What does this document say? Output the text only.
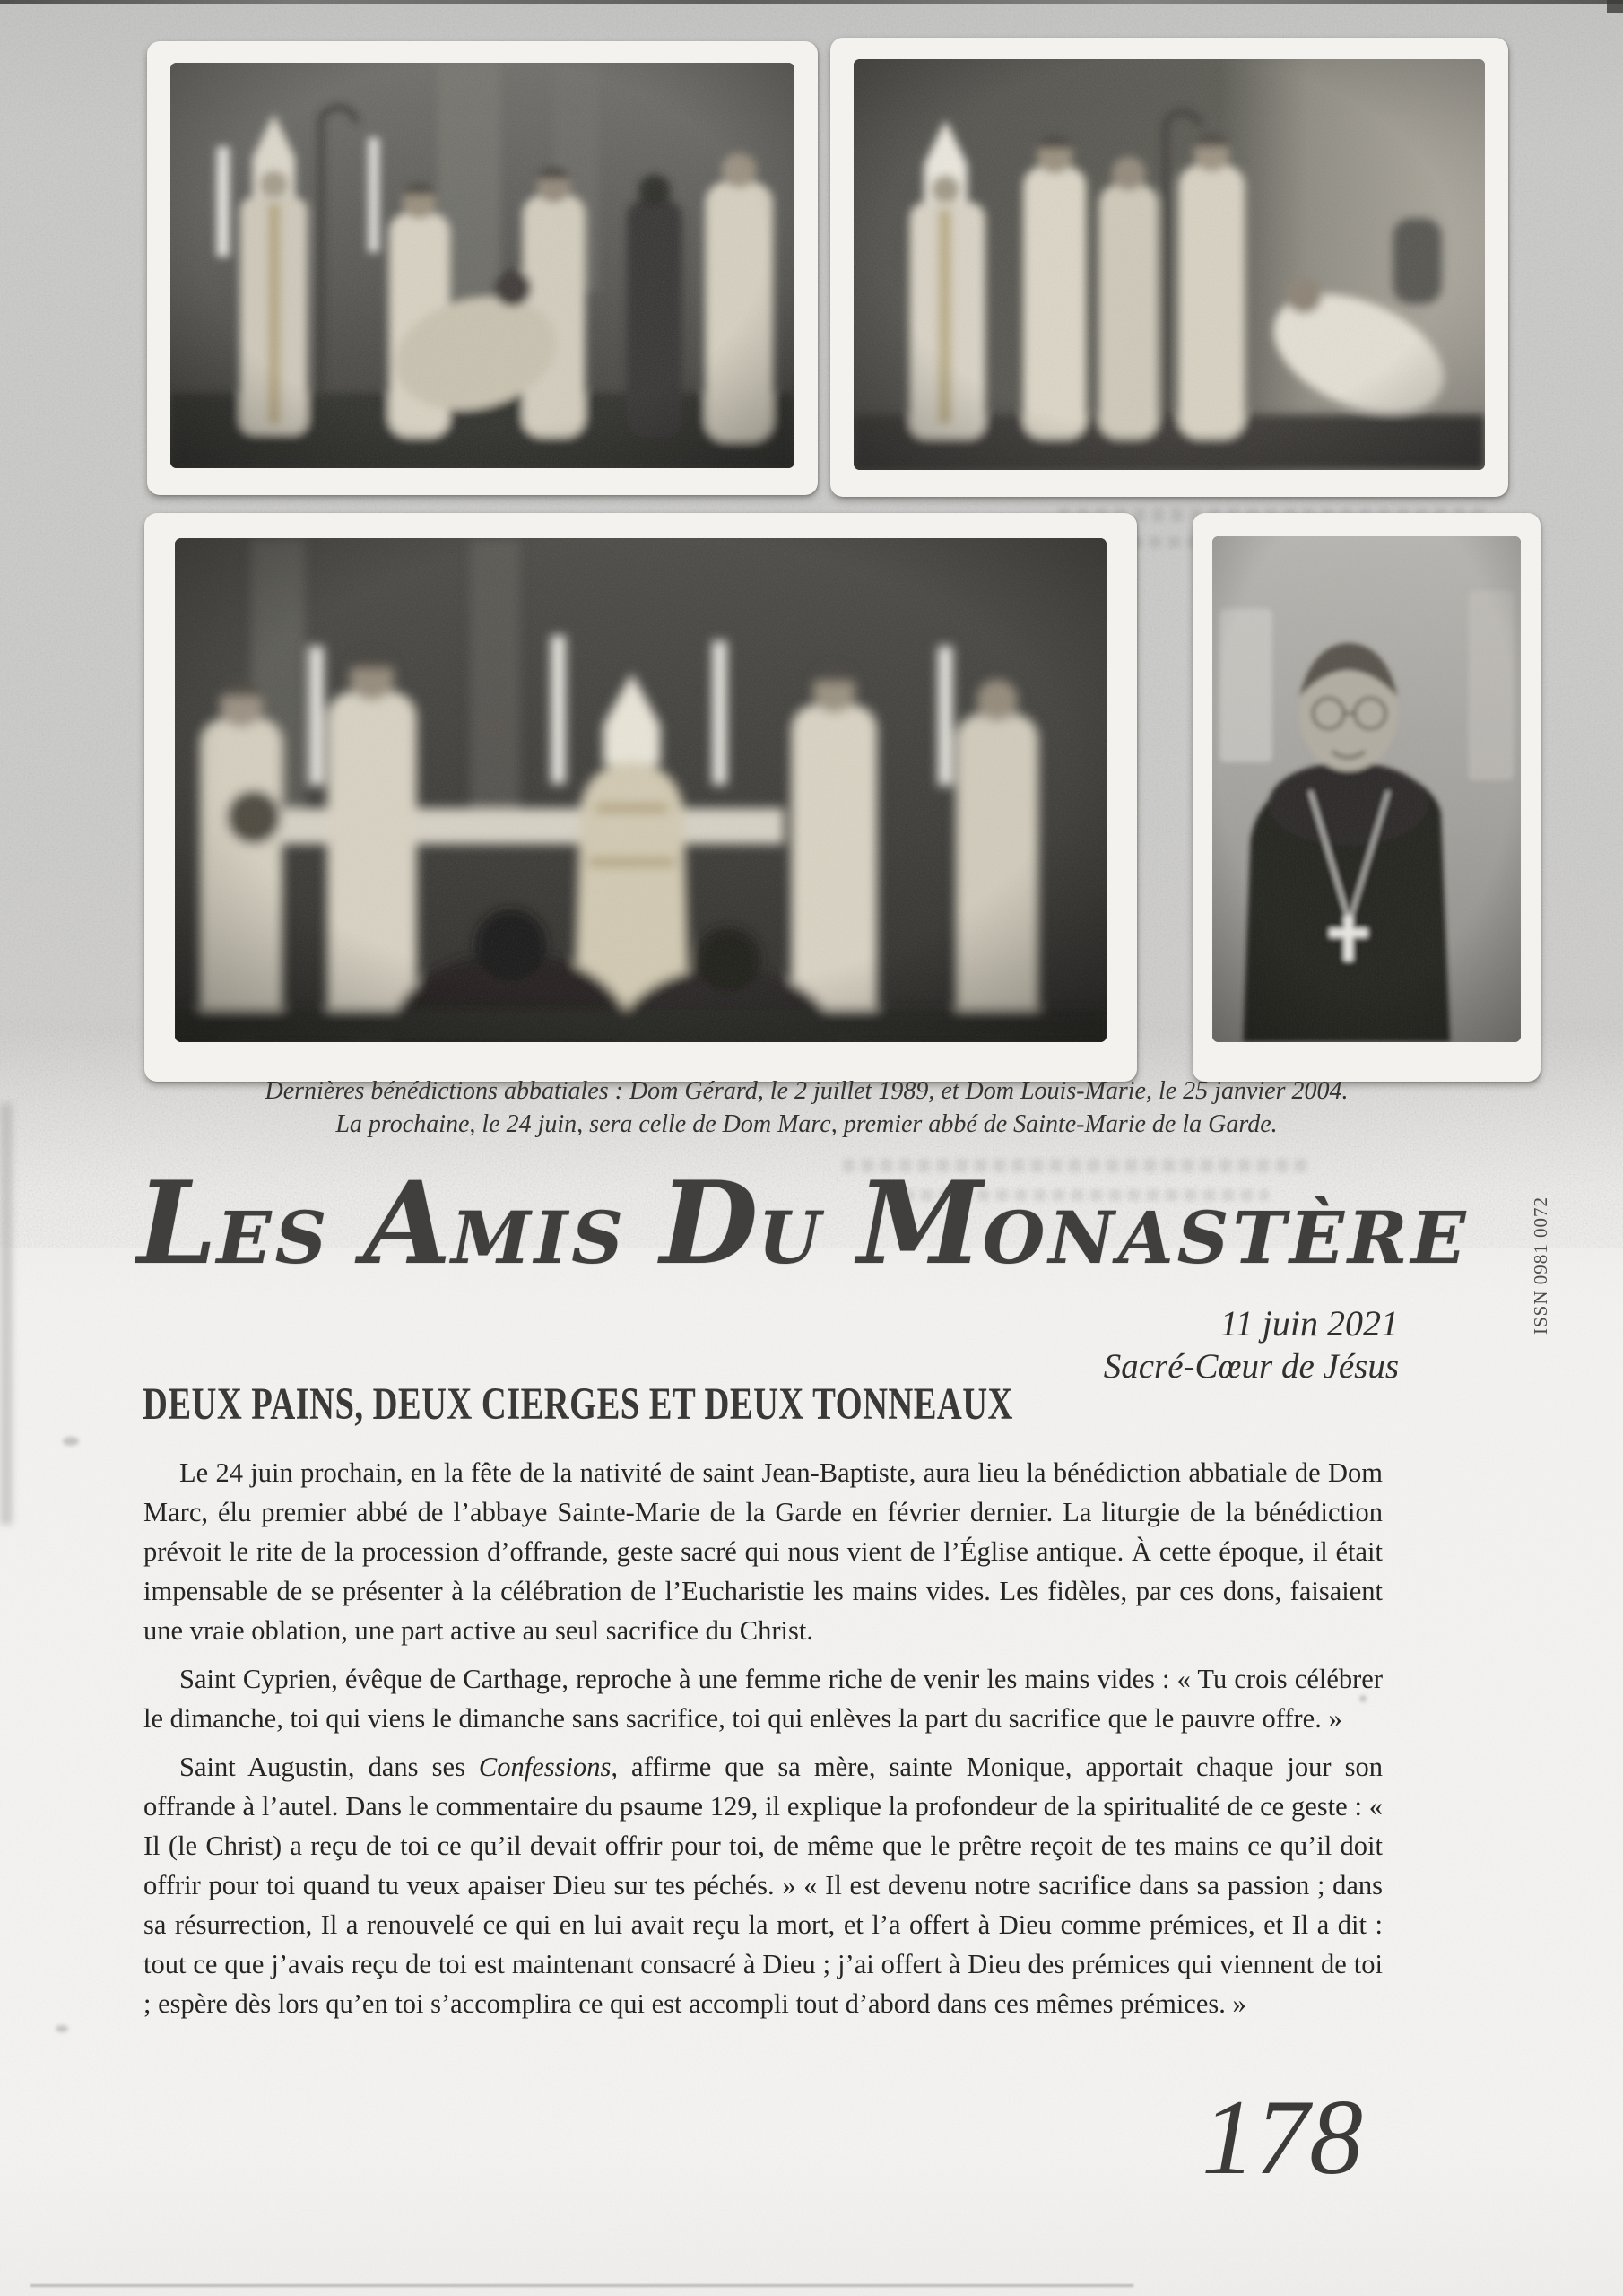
Dernières bénédictions abbatiales : Dom Gérard, le 2 juillet 1989, et Dom Louis-Marie, le 25 janvier 2004.
La prochaine, le 24 juin, sera celle de Dom Marc, premier abbé de Sainte-Marie de la Garde.
LES AMIS DU MONASTÈRE	ISSN 0981 0072
11 juin 2021
Sacré-Cœur de Jésus
DEUX PAINS, DEUX CIERGES ET DEUX TONNEAUX

Le 24 juin prochain, en la fête de la nativité de saint Jean-Baptiste, aura lieu la bénédiction abbatiale de Dom Marc, élu premier abbé de l’abbaye Sainte-Marie de la Garde en février dernier. La liturgie de la bénédiction prévoit le rite de la procession d’offrande, geste sacré qui nous vient de l’Église antique. À cette époque, il était impensable de se présenter à la célébration de l’Eucharistie les mains vides. Les fidèles, par ces dons, faisaient une vraie oblation, une part active au seul sacrifice du Christ.

Saint Cyprien, évêque de Carthage, reproche à une femme riche de venir les mains vides : « Tu crois célébrer le dimanche, toi qui viens le dimanche sans sacrifice, toi qui enlèves la part du sacrifice que le pauvre offre. »

Saint Augustin, dans ses Confessions, affirme que sa mère, sainte Monique, apportait chaque jour son offrande à l’autel. Dans le commentaire du psaume 129, il explique la profondeur de la spiritualité de ce geste : « Il (le Christ) a reçu de toi ce qu’il devait offrir pour toi, de même que le prêtre reçoit de tes mains ce qu’il doit offrir pour toi quand tu veux apaiser Dieu sur tes péchés. » « Il est devenu notre sacrifice dans sa passion ; dans sa résurrection, Il a renouvelé ce qui en lui avait reçu la mort, et l’a offert à Dieu comme prémices, et Il a dit : tout ce que j’avais reçu de toi est maintenant consacré à Dieu ; j’ai offert à Dieu des prémices qui viennent de toi ; espère dès lors qu’en toi s’accomplira ce qui est accompli tout d’abord dans ces mêmes prémices. »

178
